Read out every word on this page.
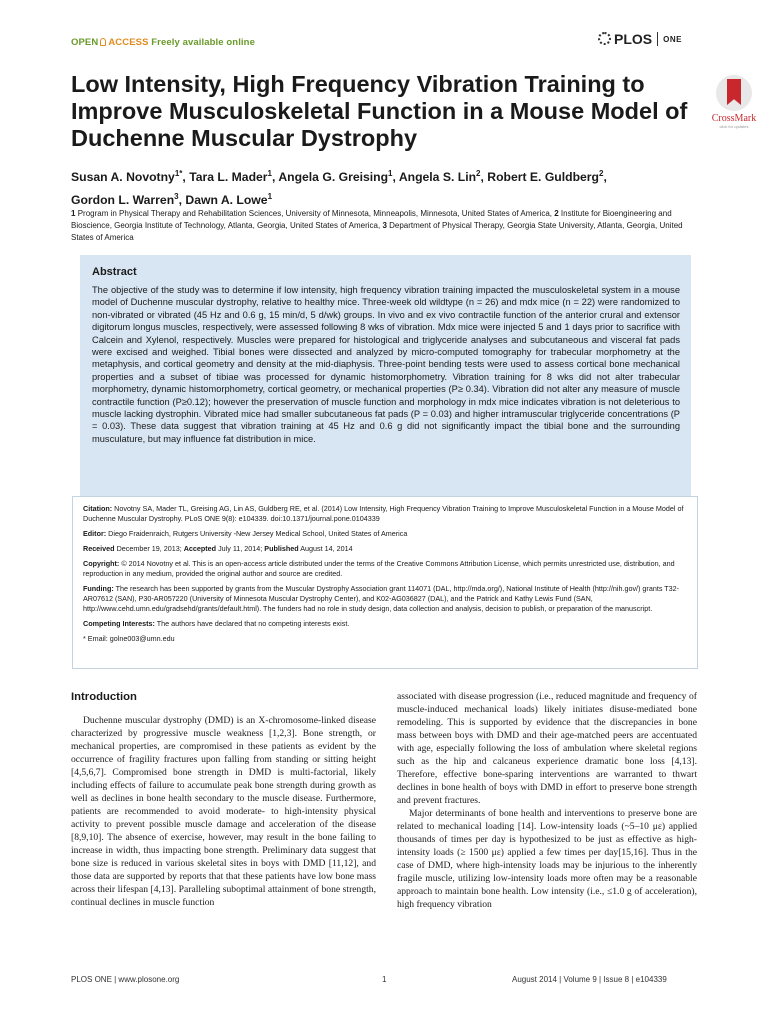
OPEN ACCESS Freely available online	PLOS ONE
CrossMark
click for updates
Low Intensity, High Frequency Vibration Training to Improve Musculoskeletal Function in a Mouse Model of Duchenne Muscular Dystrophy

Susan A. Novotny$^{1*}$, Tara L. Mader$^1$, Angela G. Greising$^1$, Angela S. Lin$^2$, Robert E. Guldberg$^2$,
Gordon L. Warren$^3$, Dawn A. Lowe$^1$

1 Program in Physical Therapy and Rehabilitation Sciences, University of Minnesota, Minneapolis, Minnesota, United States of America, 2 Institute for Bioengineering and Bioscience, Georgia Institute of Technology, Atlanta, Georgia, United States of America, 3 Department of Physical Therapy, Georgia State University, Atlanta, Georgia, United States of America

Abstract

The objective of the study was to determine if low intensity, high frequency vibration training impacted the musculoskeletal system in a mouse model of Duchenne muscular dystrophy, relative to healthy mice. Three-week old wildtype (n = 26) and mdx mice (n = 22) were randomized to non-vibrated or vibrated (45 Hz and 0.6 g, 15 min/d, 5 d/wk) groups. In vivo and ex vivo contractile function of the anterior crural and extensor digitorum longus muscles, respectively, were assessed following 8 wks of vibration. Mdx mice were injected 5 and 1 days prior to sacrifice with Calcein and Xylenol, respectively. Muscles were prepared for histological and triglyceride analyses and subcutaneous and visceral fat pads were excised and weighed. Tibial bones were dissected and analyzed by micro-computed tomography for trabecular morphometry at the metaphysis, and cortical geometry and density at the mid-diaphysis. Three-point bending tests were used to assess cortical bone mechanical properties and a subset of tibiae was processed for dynamic histomorphometry. Vibration training for 8 wks did not alter trabecular morphometry, dynamic histomorphometry, cortical geometry, or mechanical properties (P≥ 0.34). Vibration did not alter any measure of muscle contractile function (P≥0.12); however the preservation of muscle function and morphology in mdx mice indicates vibration is not deleterious to muscle lacking dystrophin. Vibrated mice had smaller subcutaneous fat pads (P = 0.03) and higher intramuscular triglyceride concentrations (P = 0.03). These data suggest that vibration training at 45 Hz and 0.6 g did not significantly impact the tibial bone and the surrounding musculature, but may influence fat distribution in mice.

Citation: Novotny SA, Mader TL, Greising AG, Lin AS, Guldberg RE, et al. (2014) Low Intensity, High Frequency Vibration Training to Improve Musculoskeletal Function in a Mouse Model of Duchenne Muscular Dystrophy. PLoS ONE 9(8): e104339. doi:10.1371/journal.pone.0104339

Editor: Diego Fraidenraich, Rutgers University -New Jersey Medical School, United States of America

Received December 19, 2013; Accepted July 11, 2014; Published August 14, 2014

Copyright: © 2014 Novotny et al. This is an open-access article distributed under the terms of the Creative Commons Attribution License, which permits unrestricted use, distribution, and reproduction in any medium, provided the original author and source are credited.

Funding: The research has been supported by grants from the Muscular Dystrophy Association grant 114071 (DAL, http://mda.org/), National Institute of Health (http://nih.gov/) grants T32-AR07612 (SAN), P30-AR057220 (University of Minnesota Muscular Dystrophy Center), and K02-AG036827 (DAL), and the Patrick and Kathy Lewis Fund (SAN, http://www.cehd.umn.edu/gradsehd/grants/default.html). The funders had no role in study design, data collection and analysis, decision to publish, or preparation of the manuscript.

Competing Interests: The authors have declared that no competing interests exist.

* Email: golne003@umn.edu

Introduction

Duchenne muscular dystrophy (DMD) is an X-chromosome-linked disease characterized by progressive muscle weakness [1,2,3]. Bone strength, or mechanical properties, are compromised in these patients as evident by the occurrence of fragility fractures upon falling from standing or sitting height [4,5,6,7]. Compromised bone strength in DMD is multi-factorial, likely including effects of failure to accumulate peak bone strength during growth as well as declines in bone health secondary to the muscle disease. Furthermore, patients are recommended to avoid moderate- to high-intensity physical activity to prevent possible muscle damage and acceleration of the disease [8,9,10]. The absence of exercise, however, may result in the bone failing to increase in width, thus impacting bone strength. Preliminary data suggest that bone size is reduced in various skeletal sites in boys with DMD [11,12], and those data are supported by reports that that these patients have low bone mass across their lifespan [4,13]. Paralleling suboptimal attainment of bone strength, continual declines in muscle function

associated with disease progression (i.e., reduced magnitude and frequency of muscle-induced mechanical loads) likely initiates disuse-mediated bone remodeling. This is supported by evidence that the discrepancies in bone mass between boys with DMD and their age-matched peers are accentuated with age, especially following the loss of ambulation where skeletal regions such as the hip and calcaneus experience dramatic bone loss [4,13]. Therefore, effective bone-sparing interventions are warranted to thwart declines in bone health of boys with DMD in effort to preserve bone strength and prevent fractures.

Major determinants of bone health and interventions to preserve bone are related to mechanical loading [14]. Low-intensity loads (~5–10 με) applied thousands of times per day is hypothesized to be just as effective as high-intensity loads (≥ 1500 με) applied a few times per day[15,16]. Thus in the case of DMD, where high-intensity loads may be injurious to the inherently fragile muscle, utilizing low-intensity loads more often may be a reasonable approach to maintain bone health. Low intensity (i.e., ≤1.0 g of acceleration), high frequency vibration

PLOS ONE | www.plosone.org	1	August 2014 | Volume 9 | Issue 8 | e104339
